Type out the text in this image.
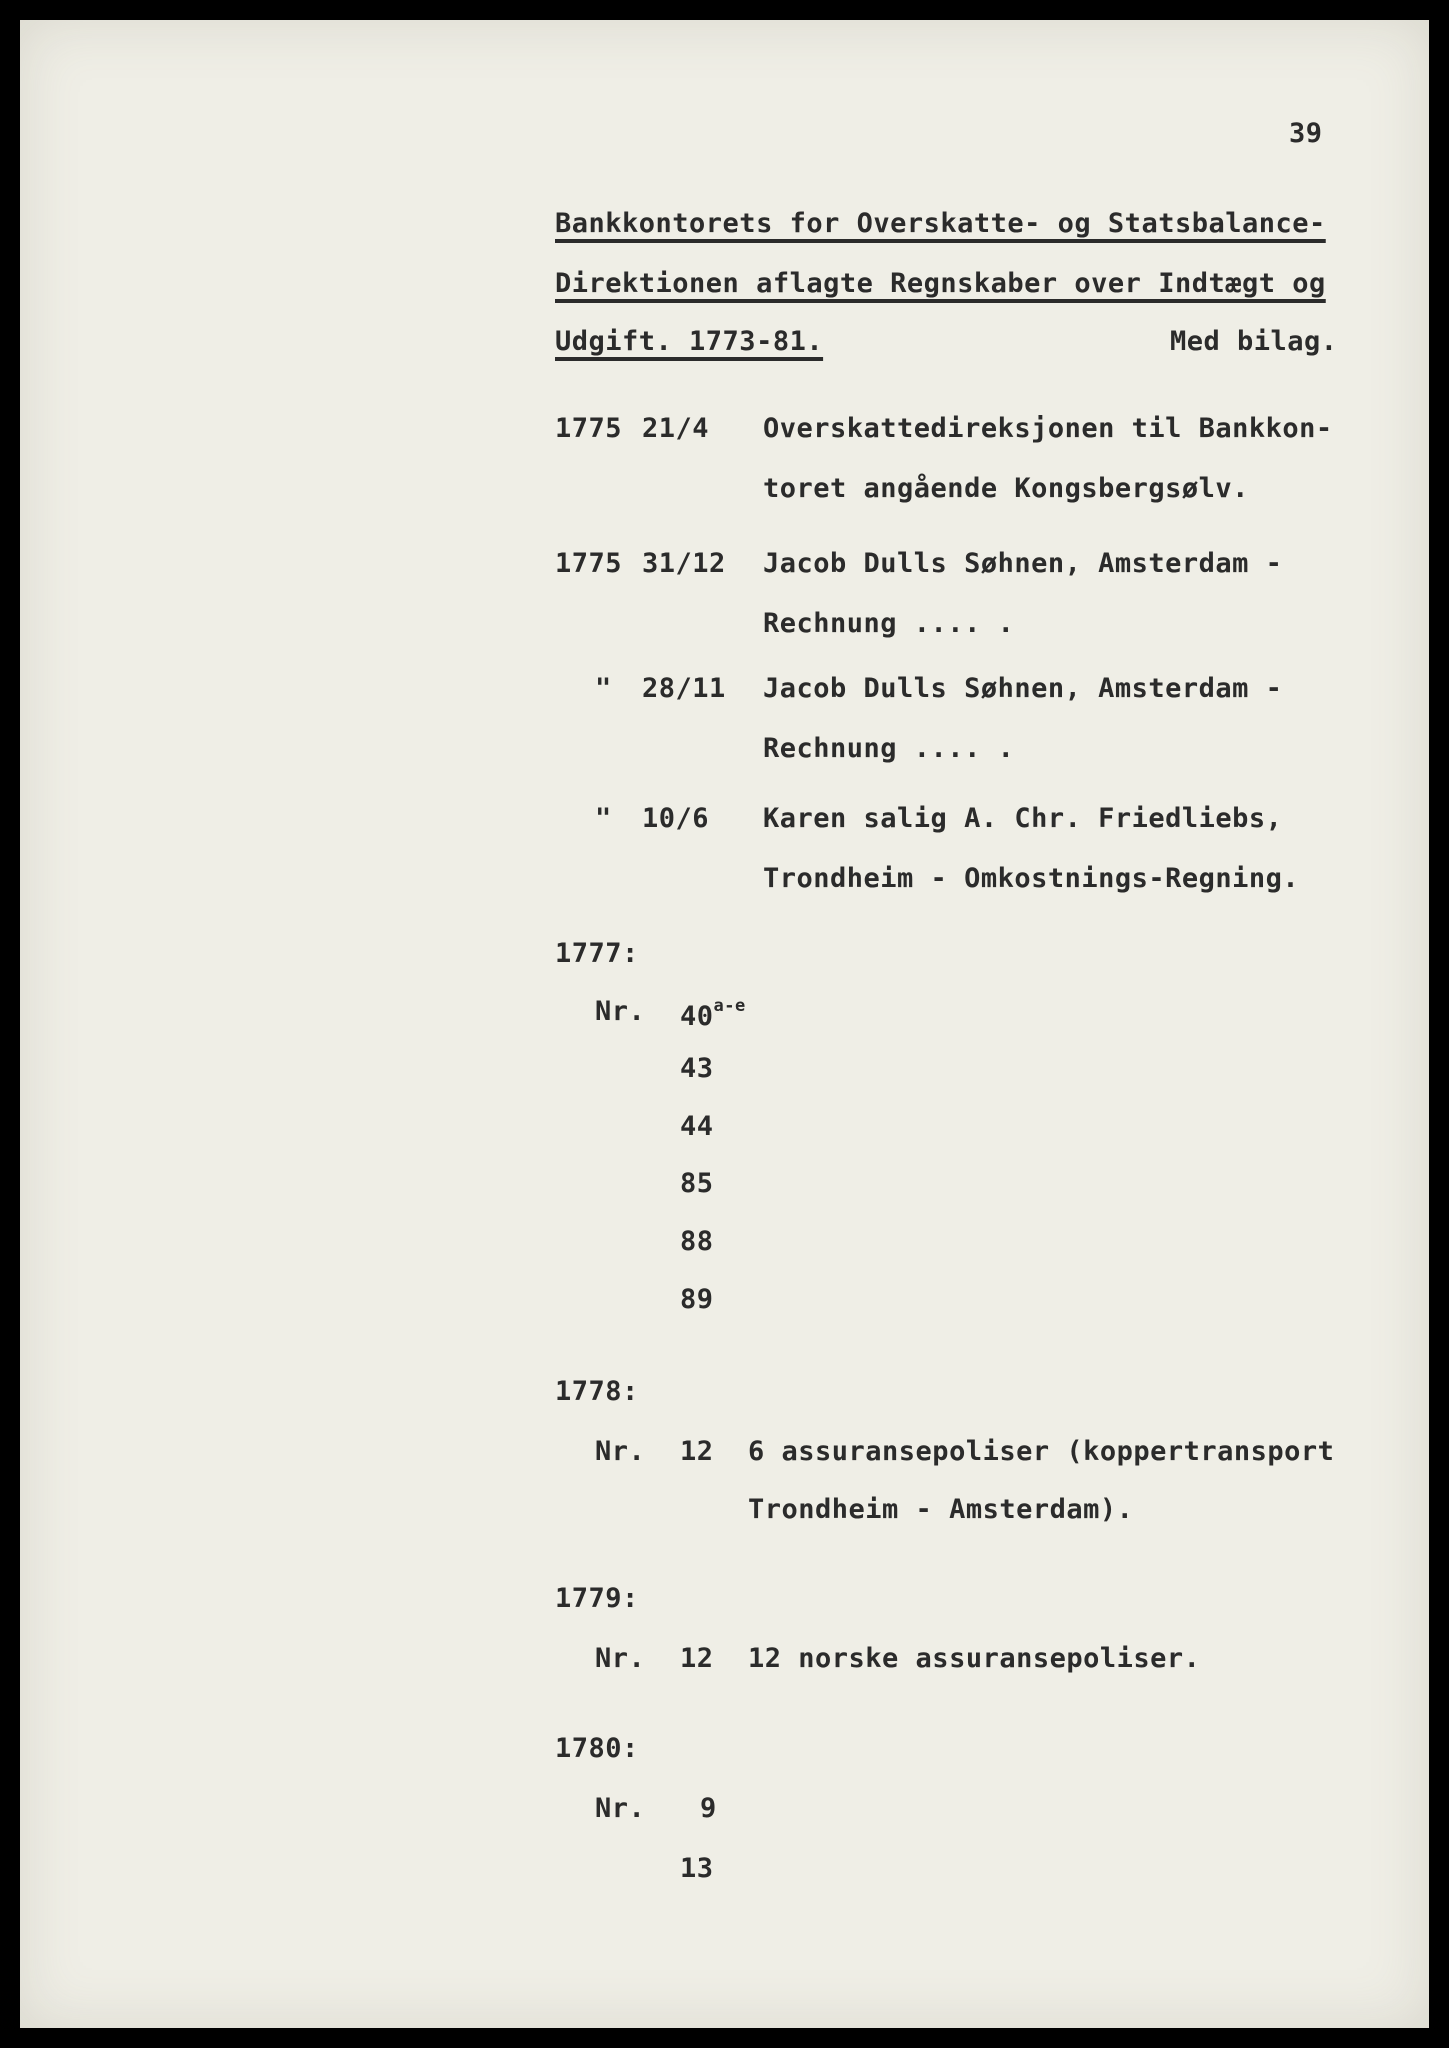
39
Bankkontorets for Overskatte- og Statsbalance-
Direktionen aflagte Regnskaber over Indtægt og
Udgift. 1773-81.	Med bilag.
1775 21/4 Overskattedireksjonen til Bankkon-
toret angående Kongsbergsølv.
1775 31/12 Jacob Dulls Søhnen, Amsterdam -
Rechnung .... .
" 28/11 Jacob Dulls Søhnen, Amsterdam -
Rechnung .... .
" 10/6 Karen salig A. Chr. Friedliebs,
Trondheim - Omkostnings-Regning.
1777:
Nr. 40$^{a-e}$
43
44
85
88
89
1778:
Nr. 12 6 assuransepoliser (koppertransport
Trondheim - Amsterdam).
1779:
Nr. 12 12 norske assuransepoliser.
1780:
Nr. 9
13
